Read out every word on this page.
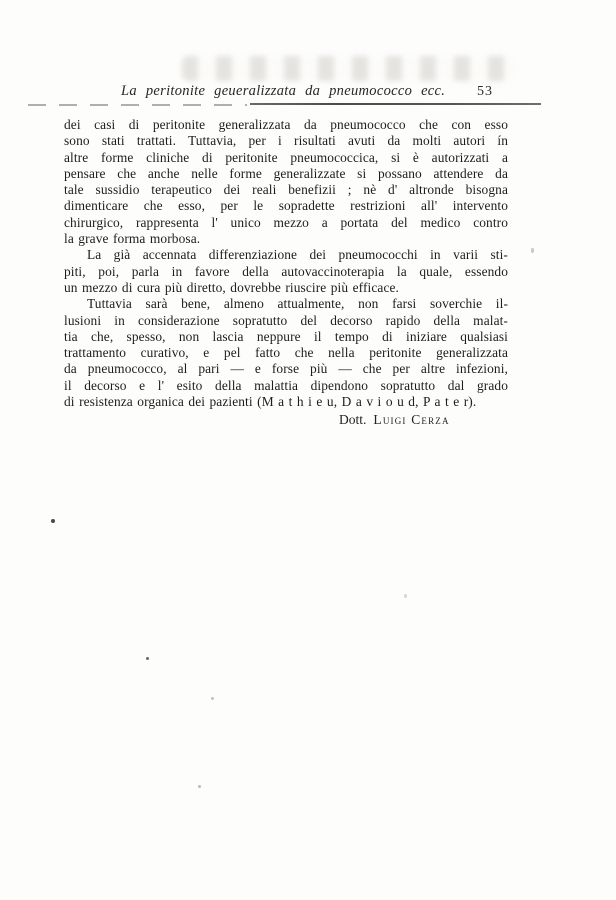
La peritonite geueralizzata da pneumococco ecc. 53
dei casi di peritonite generalizzata da pneumococco che con esso
sono stati trattati. Tuttavia, per i risultati avuti da molti autori ín
altre forme cliniche di peritonite pneumococcica, si è autorizzati a
pensare che anche nelle forme generalizzate si possano attendere da
tale sussidio terapeutico dei reali benefizii ; nè d' altronde bisogna
dimenticare che esso, per le sopradette restrizioni all' intervento
chirurgico, rappresenta l' unico mezzo a portata del medico contro
la grave forma morbosa.
La già accennata differenziazione dei pneumococchi in varii sti-
piti, poi, parla in favore della autovaccinoterapia la quale, essendo
un mezzo di cura più diretto, dovrebbe riuscire più efficace.
Tuttavia sarà bene, almeno attualmente, non farsi soverchie il-
lusioni in considerazione sopratutto del decorso rapido della malat-
tia che, spesso, non lascia neppure il tempo di iniziare qualsiasi
trattamento curativo, e pel fatto che nella peritonite generalizzata
da pneumococco, al pari — e forse più — che per altre infezioni,
il decorso e l' esito della malattia dipendono sopratutto dal grado
di resistenza organica dei pazienti (M a t h i e u, D a v i o u d, P a t e r).
Dott. Luigi Cerza
